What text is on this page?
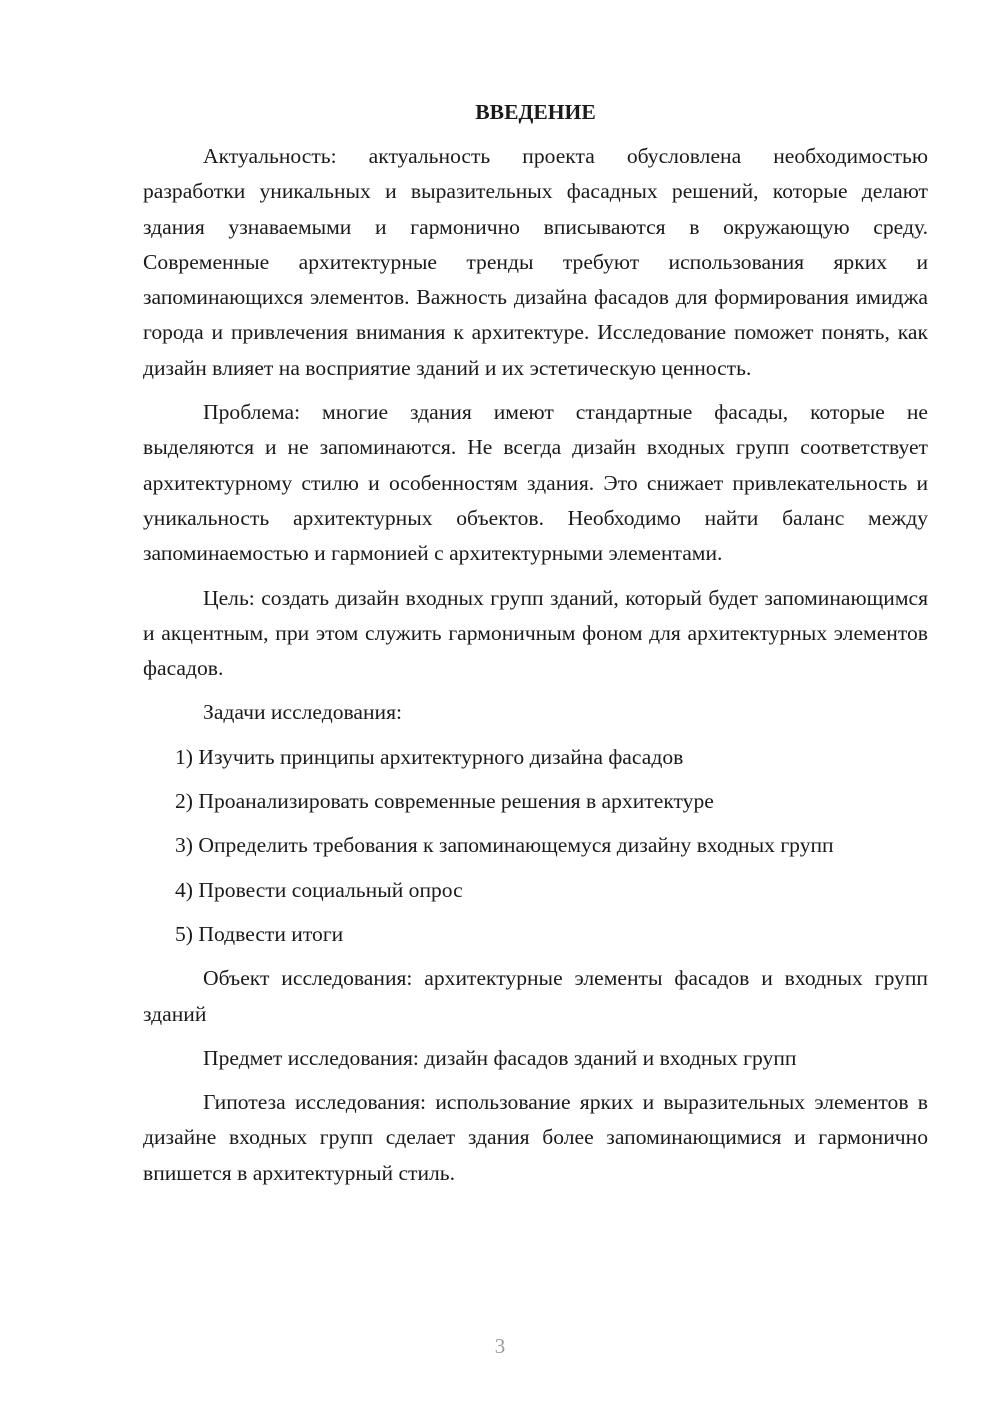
ВВЕДЕНИЕ

Актуальность: актуальность проекта обусловлена необходимостью разработки уникальных и выразительных фасадных решений, которые делают здания узнаваемыми и гармонично вписываются в окружающую среду. Современные архитектурные тренды требуют использования ярких и запоминающихся элементов. Важность дизайна фасадов для формирования имиджа города и привлечения внимания к архитектуре. Исследование поможет понять, как дизайн влияет на восприятие зданий и их эстетическую ценность.

Проблема: многие здания имеют стандартные фасады, которые не выделяются и не запоминаются. Не всегда дизайн входных групп соответствует архитектурному стилю и особенностям здания. Это снижает привлекательность и уникальность архитектурных объектов. Необходимо найти баланс между запоминаемостью и гармонией с архитектурными элементами.

Цель: создать дизайн входных групп зданий, который будет запоминающимся и акцентным, при этом служить гармоничным фоном для архитектурных элементов фасадов.

Задачи исследования:

1) Изучить принципы архитектурного дизайна фасадов

2) Проанализировать современные решения в архитектуре

3) Определить требования к запоминающемуся дизайну входных групп

4) Провести социальный опрос

5) Подвести итоги

Объект исследования: архитектурные элементы фасадов и входных групп зданий

Предмет исследования: дизайн фасадов зданий и входных групп

Гипотеза исследования: использование ярких и выразительных элементов в дизайне входных групп сделает здания более запоминающимися и гармонично впишется в архитектурный стиль.

3
